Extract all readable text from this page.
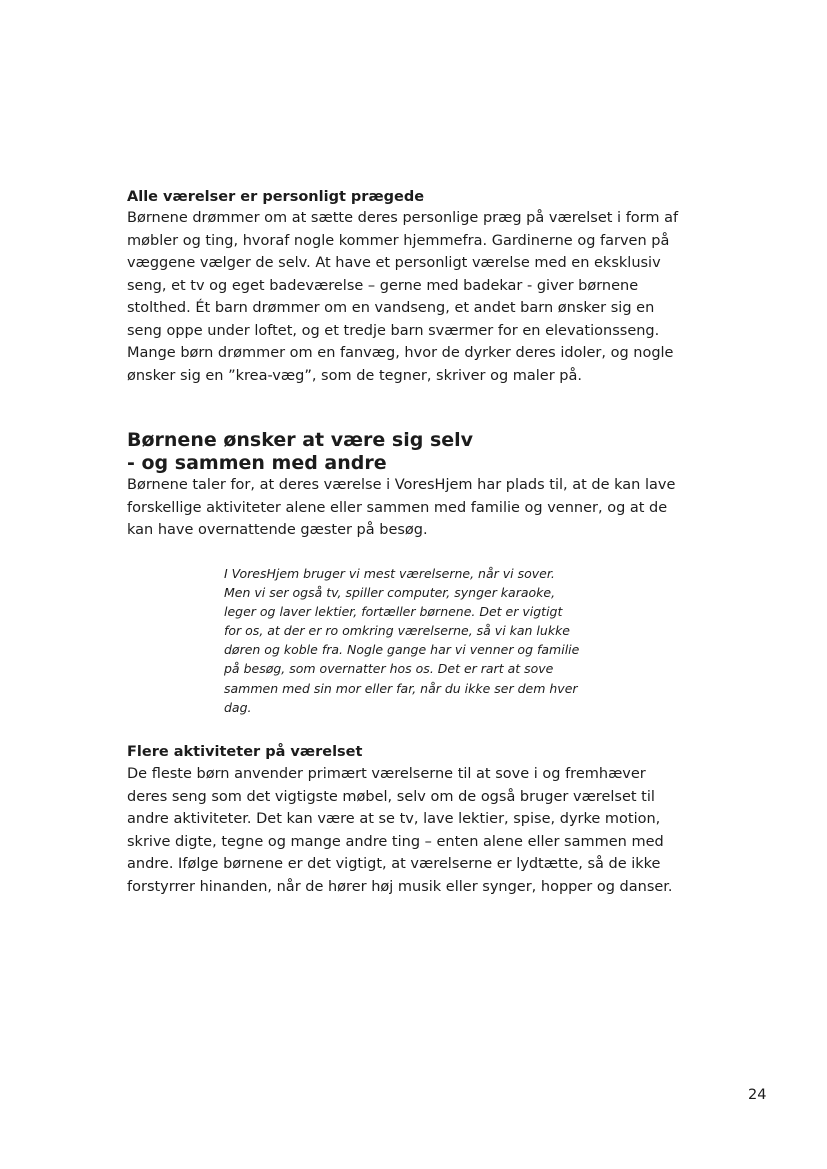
Alle værelser er personligt prægede

Børnene drømmer om at sætte deres personlige præg på værelset i form af
møbler og ting, hvoraf nogle kommer hjemmefra. Gardinerne og farven på
væggene vælger de selv. At have et personligt værelse med en eksklusiv
seng, et tv og eget badeværelse – gerne med badekar - giver børnene
stolthed. Ét barn drømmer om en vandseng, et andet barn ønsker sig en
seng oppe under loftet, og et tredje barn sværmer for en elevationsseng.
Mange børn drømmer om en fanvæg, hvor de dyrker deres idoler, og nogle
ønsker sig en ”krea-væg”, som de tegner, skriver og maler på.

Børnene ønsker at være sig selv
- og sammen med andre

Børnene taler for, at deres værelse i VoresHjem har plads til, at de kan lave
forskellige aktiviteter alene eller sammen med familie og venner, og at de
kan have overnattende gæster på besøg.

I VoresHjem bruger vi mest værelserne, når vi sover.
Men vi ser også tv, spiller computer, synger karaoke,
leger og laver lektier, fortæller børnene. Det er vigtigt
for os, at der er ro omkring værelserne, så vi kan lukke
døren og koble fra. Nogle gange har vi venner og familie
på besøg, som overnatter hos os. Det er rart at sove
sammen med sin mor eller far, når du ikke ser dem hver
dag.
Flere aktiviteter på værelset

De fleste børn anvender primært værelserne til at sove i og fremhæver
deres seng som det vigtigste møbel, selv om de også bruger værelset til
andre aktiviteter. Det kan være at se tv, lave lektier, spise, dyrke motion,
skrive digte, tegne og mange andre ting – enten alene eller sammen med
andre. Ifølge børnene er det vigtigt, at værelserne er lydtætte, så de ikke
forstyrrer hinanden, når de hører høj musik eller synger, hopper og danser.

24
